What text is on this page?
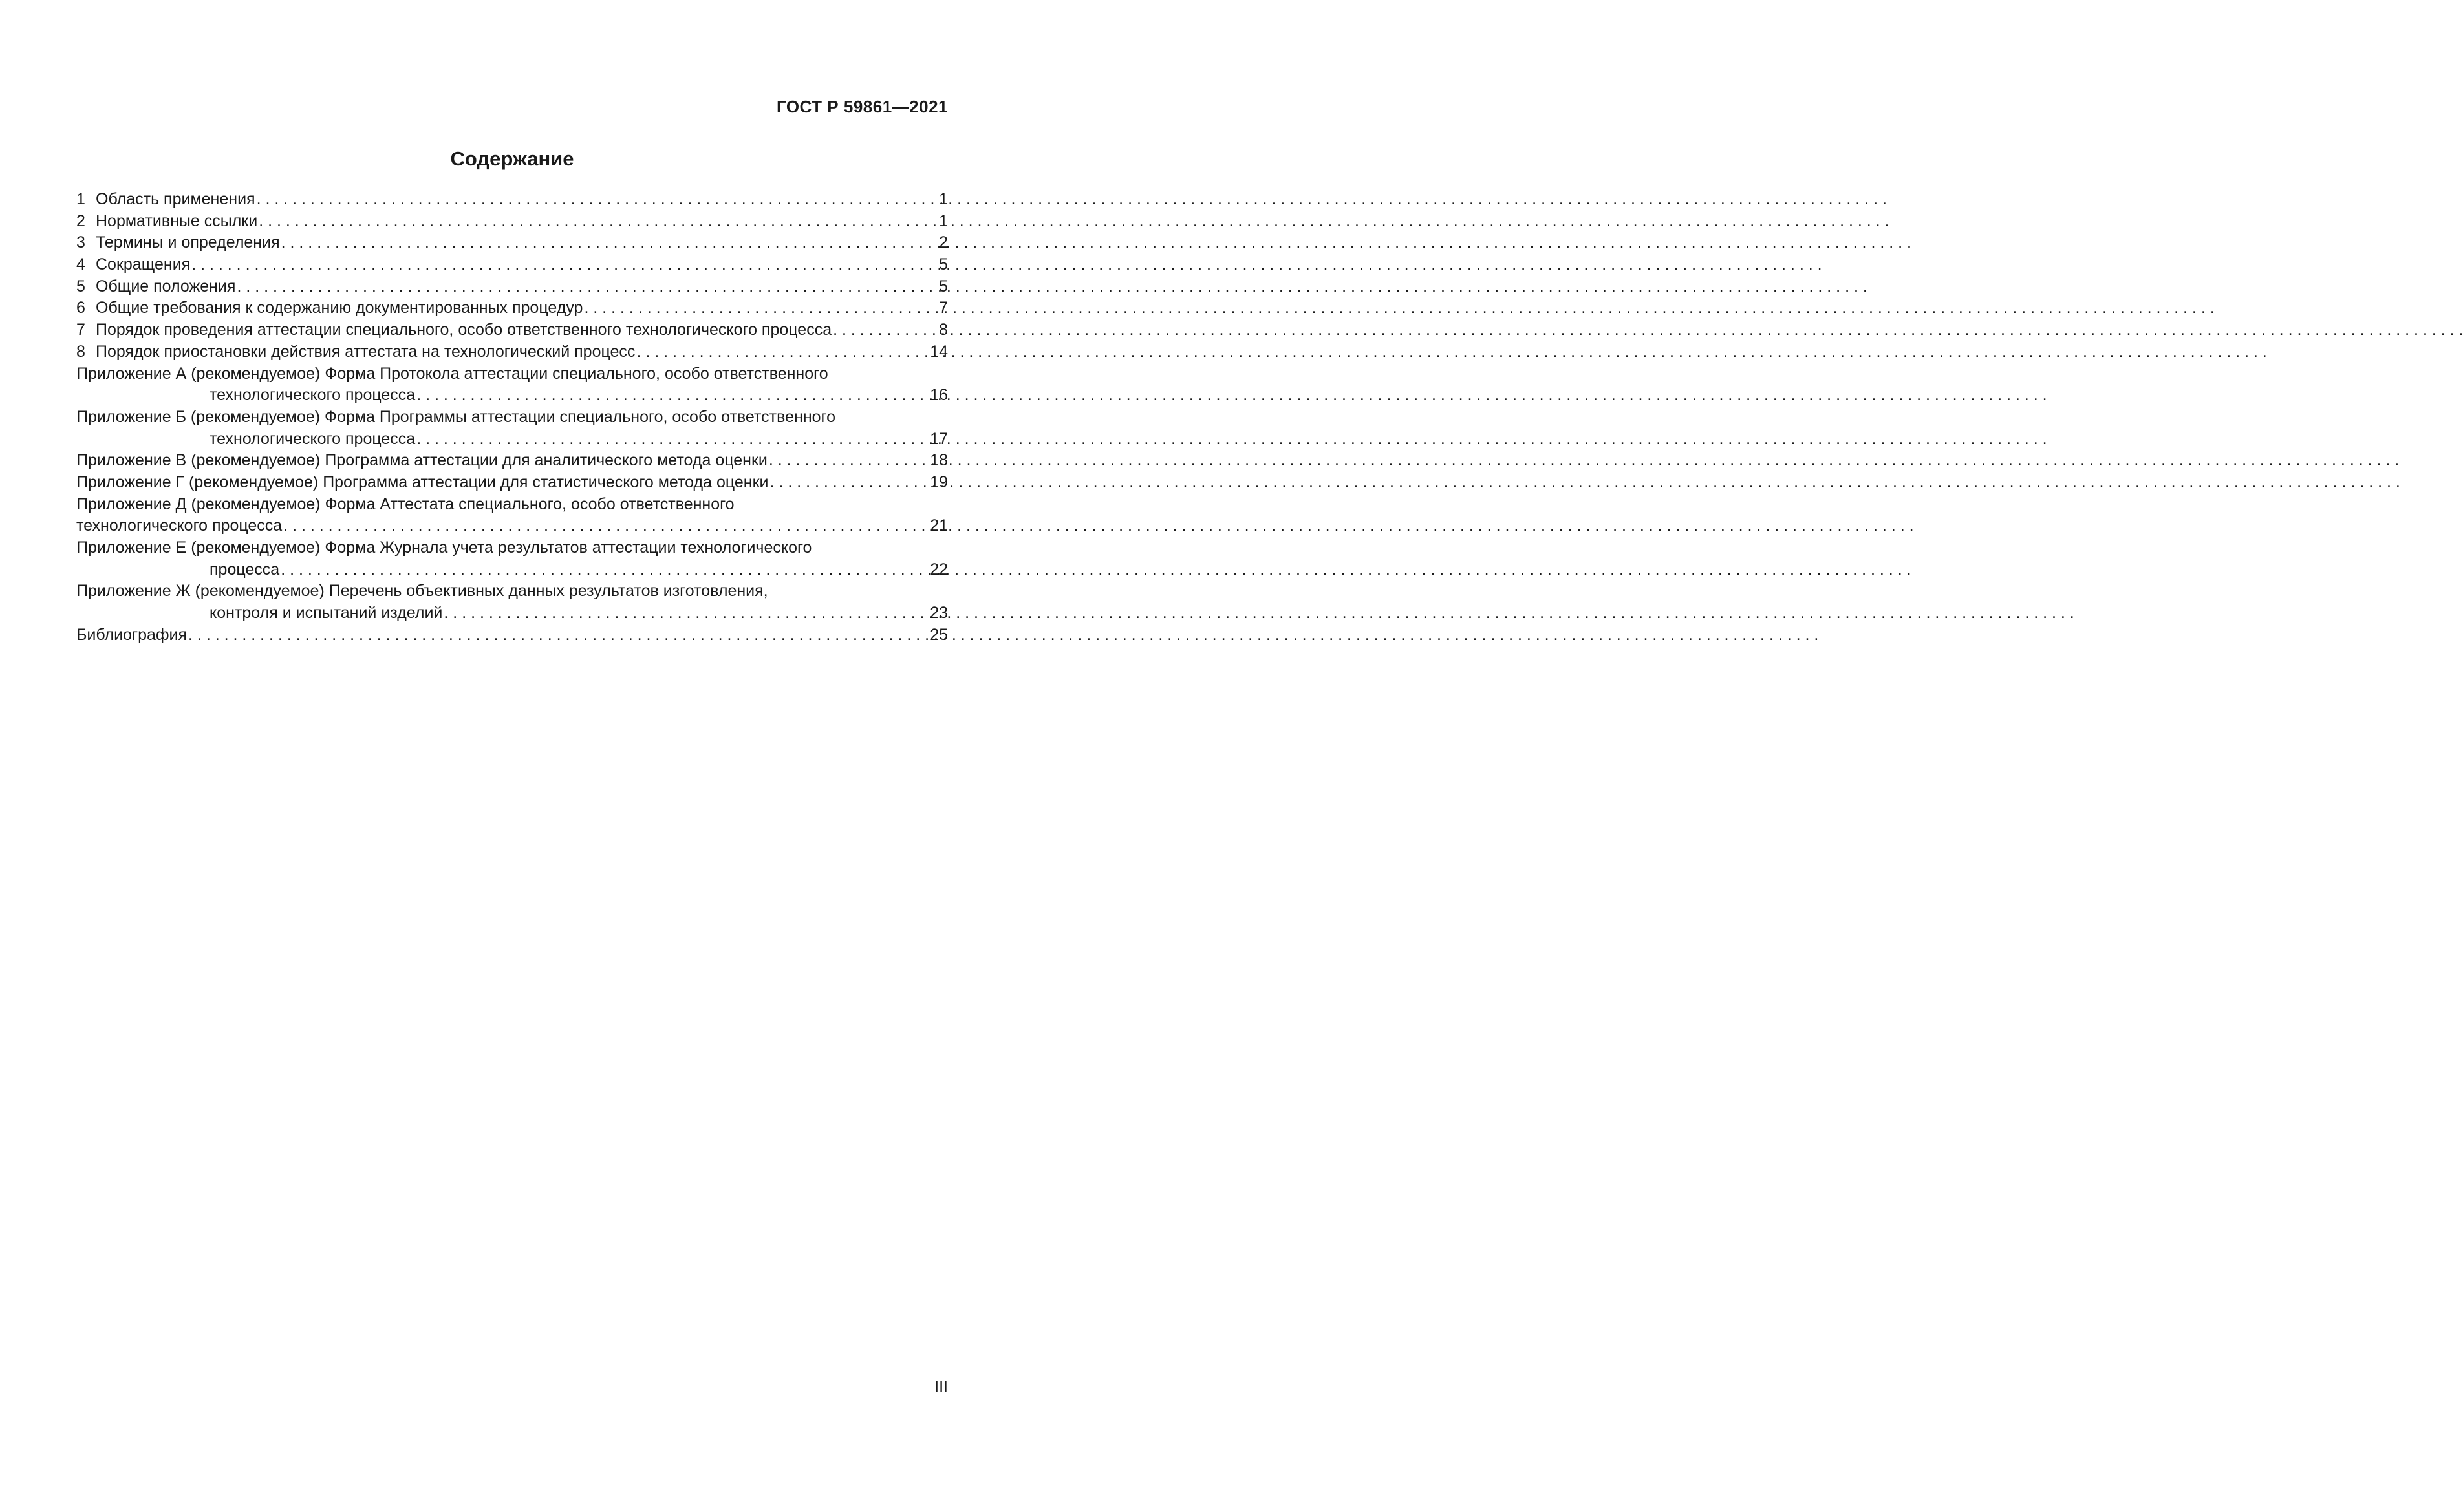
ГОСТ Р 59861—2021
Содержание
1 Область применения . . .	1
2 Нормативные ссылки . . .	1
3 Термины и определения . . .	2
4 Сокращения . . .	5
5 Общие положения . . .	5
6 Общие требования к содержанию документированных процедур . . .	7
7 Порядок проведения аттестации специального, особо ответственного технологического процесса . . .	8
8 Порядок приостановки действия аттестата на технологический процесс . . .	14
Приложение А (рекомендуемое) Форма Протокола аттестации специального, особо ответственного
технологического процесса . . .	16
Приложение Б (рекомендуемое) Форма Программы аттестации специального, особо ответственного
технологического процесса . . .	17
Приложение В (рекомендуемое) Программа аттестации для аналитического метода оценки . . .	18
Приложение Г (рекомендуемое) Программа аттестации для статистического метода оценки . . .	19
Приложение Д (рекомендуемое) Форма Аттестата специального, особо ответственного
технологического процесса . . .	21
Приложение Е (рекомендуемое) Форма Журнала учета результатов аттестации технологического
процесса . . .	22
Приложение Ж (рекомендуемое) Перечень объективных данных результатов изготовления,
контроля и испытаний изделий . . .	23
Библиография . . .	25
III
